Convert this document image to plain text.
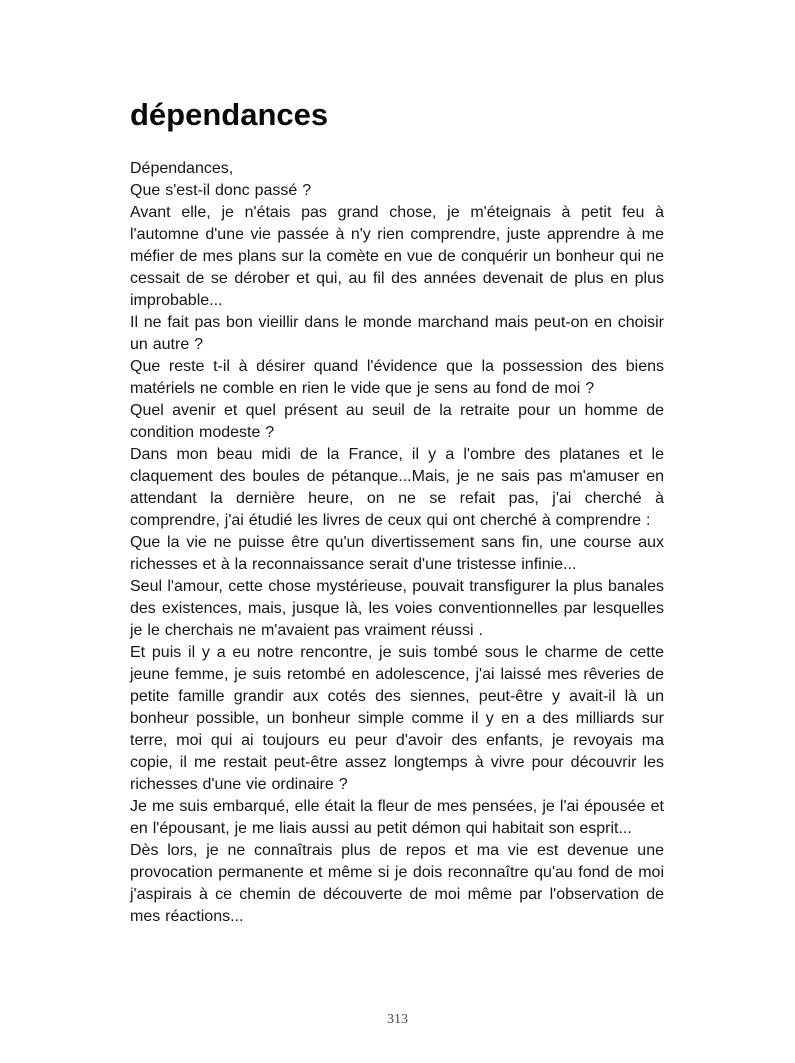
dépendances

Dépendances,

Que s'est-il donc passé ?

Avant elle, je n'étais pas grand chose, je m'éteignais à petit feu à l'automne d'une vie passée à n'y rien comprendre, juste apprendre à me méfier de mes plans sur la comète en vue de conquérir un bonheur qui ne cessait de se dérober et qui, au fil des années devenait de plus en plus improbable...

Il ne fait pas bon vieillir dans le monde marchand mais peut-on en choisir un autre ?

Que reste t-il à désirer quand l'évidence que la possession des biens matériels ne comble en rien le vide que je sens au fond de moi ?

Quel avenir et quel présent au seuil de la retraite pour un homme de condition modeste ?

Dans mon beau midi de la France, il y a l'ombre des platanes et le claquement des boules de pétanque...Mais, je ne sais pas m'amuser en attendant la dernière heure, on ne se refait pas, j'ai cherché à comprendre, j'ai étudié les livres de ceux qui ont cherché à comprendre :

Que la vie ne puisse être qu'un divertissement sans fin, une course aux richesses et à la reconnaissance serait d'une tristesse infinie...

Seul l'amour, cette chose mystérieuse, pouvait transfigurer la plus banales des existences, mais, jusque là, les voies conventionnelles par lesquelles je le cherchais ne m'avaient pas vraiment réussi .

Et puis il y a eu notre rencontre, je suis tombé sous le charme de cette jeune femme, je suis retombé en adolescence, j'ai laissé mes rêveries de petite famille grandir aux cotés des siennes, peut-être y avait-il là un bonheur possible, un bonheur simple comme il y en a des milliards sur terre, moi qui ai toujours eu peur d'avoir des enfants, je revoyais ma copie, il me restait peut-être assez longtemps à vivre pour découvrir les richesses d'une vie ordinaire ?

Je me suis embarqué, elle était la fleur de mes pensées, je l'ai épousée et en l'épousant, je me liais aussi au petit démon qui habitait son esprit...

Dès lors, je ne connaîtrais plus de repos et ma vie est devenue une provocation permanente et même si je dois reconnaître qu'au fond de moi j'aspirais à ce chemin de découverte de moi même par l'observation de mes réactions...

313
